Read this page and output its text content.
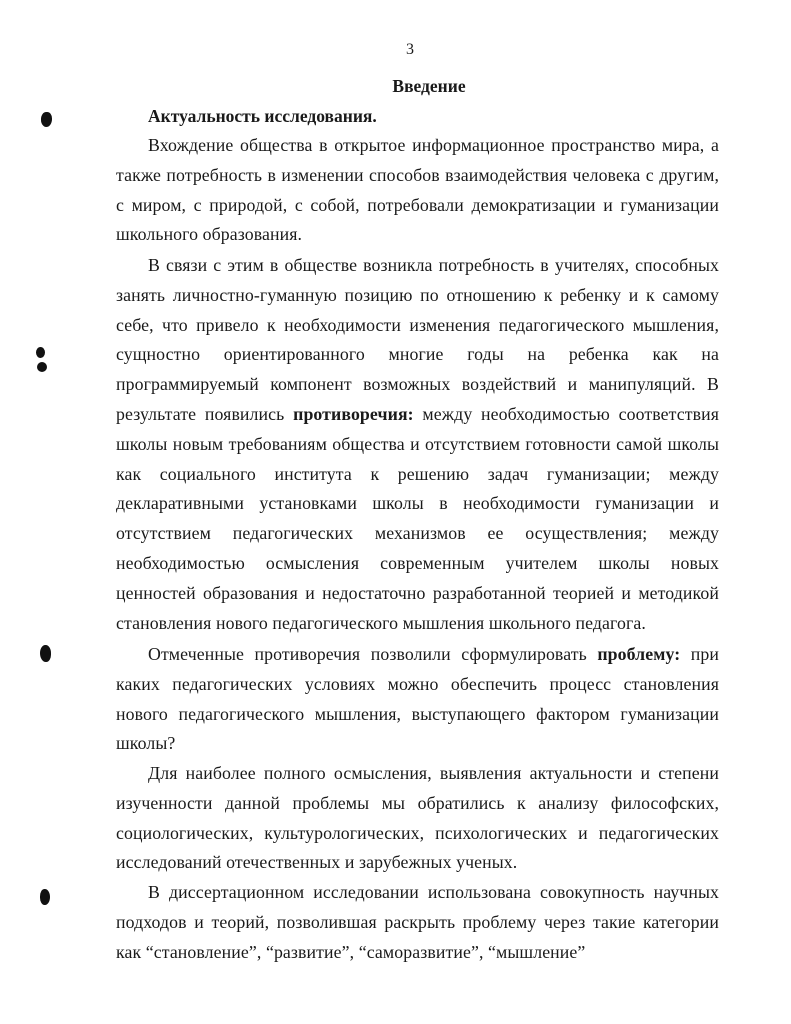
3
Введение
Актуальность исследования.
Вхождение общества в открытое информационное пространство мира, а также потребность в изменении способов взаимодействия человека с другим, с миром, с природой, с собой, потребовали демократизации и гуманизации школьного образования.
В связи с этим в обществе возникла потребность в учителях, способных занять личностно-гуманную позицию по отношению к ребенку и к самому себе, что привело к необходимости изменения педагогического мышления, сущностно ориентированного многие годы на ребенка как на программируемый компонент возможных воздействий и манипуляций. В результате появились противоречия: между необходимостью соответствия школы новым требованиям общества и отсутствием готовности самой школы как социального института к решению задач гуманизации; между декларативными установками школы в необходимости гуманизации и отсутствием педагогических механизмов ее осуществления; между необходимостью осмысления современным учителем школы новых ценностей образования и недостаточно разработанной теорией и методикой становления нового педагогического мышления школьного педагога.
Отмеченные противоречия позволили сформулировать проблему: при каких педагогических условиях можно обеспечить процесс становления нового педагогического мышления, выступающего фактором гуманизации школы?
Для наиболее полного осмысления, выявления актуальности и степени изученности данной проблемы мы обратились к анализу философских, социологических, культурологических, психологических и педагогических исследований отечественных и зарубежных ученых.
В диссертационном исследовании использована совокупность научных подходов и теорий, позволившая раскрыть проблему через такие категории как “становление”, “развитие”, “саморазвитие”, “мышление”
